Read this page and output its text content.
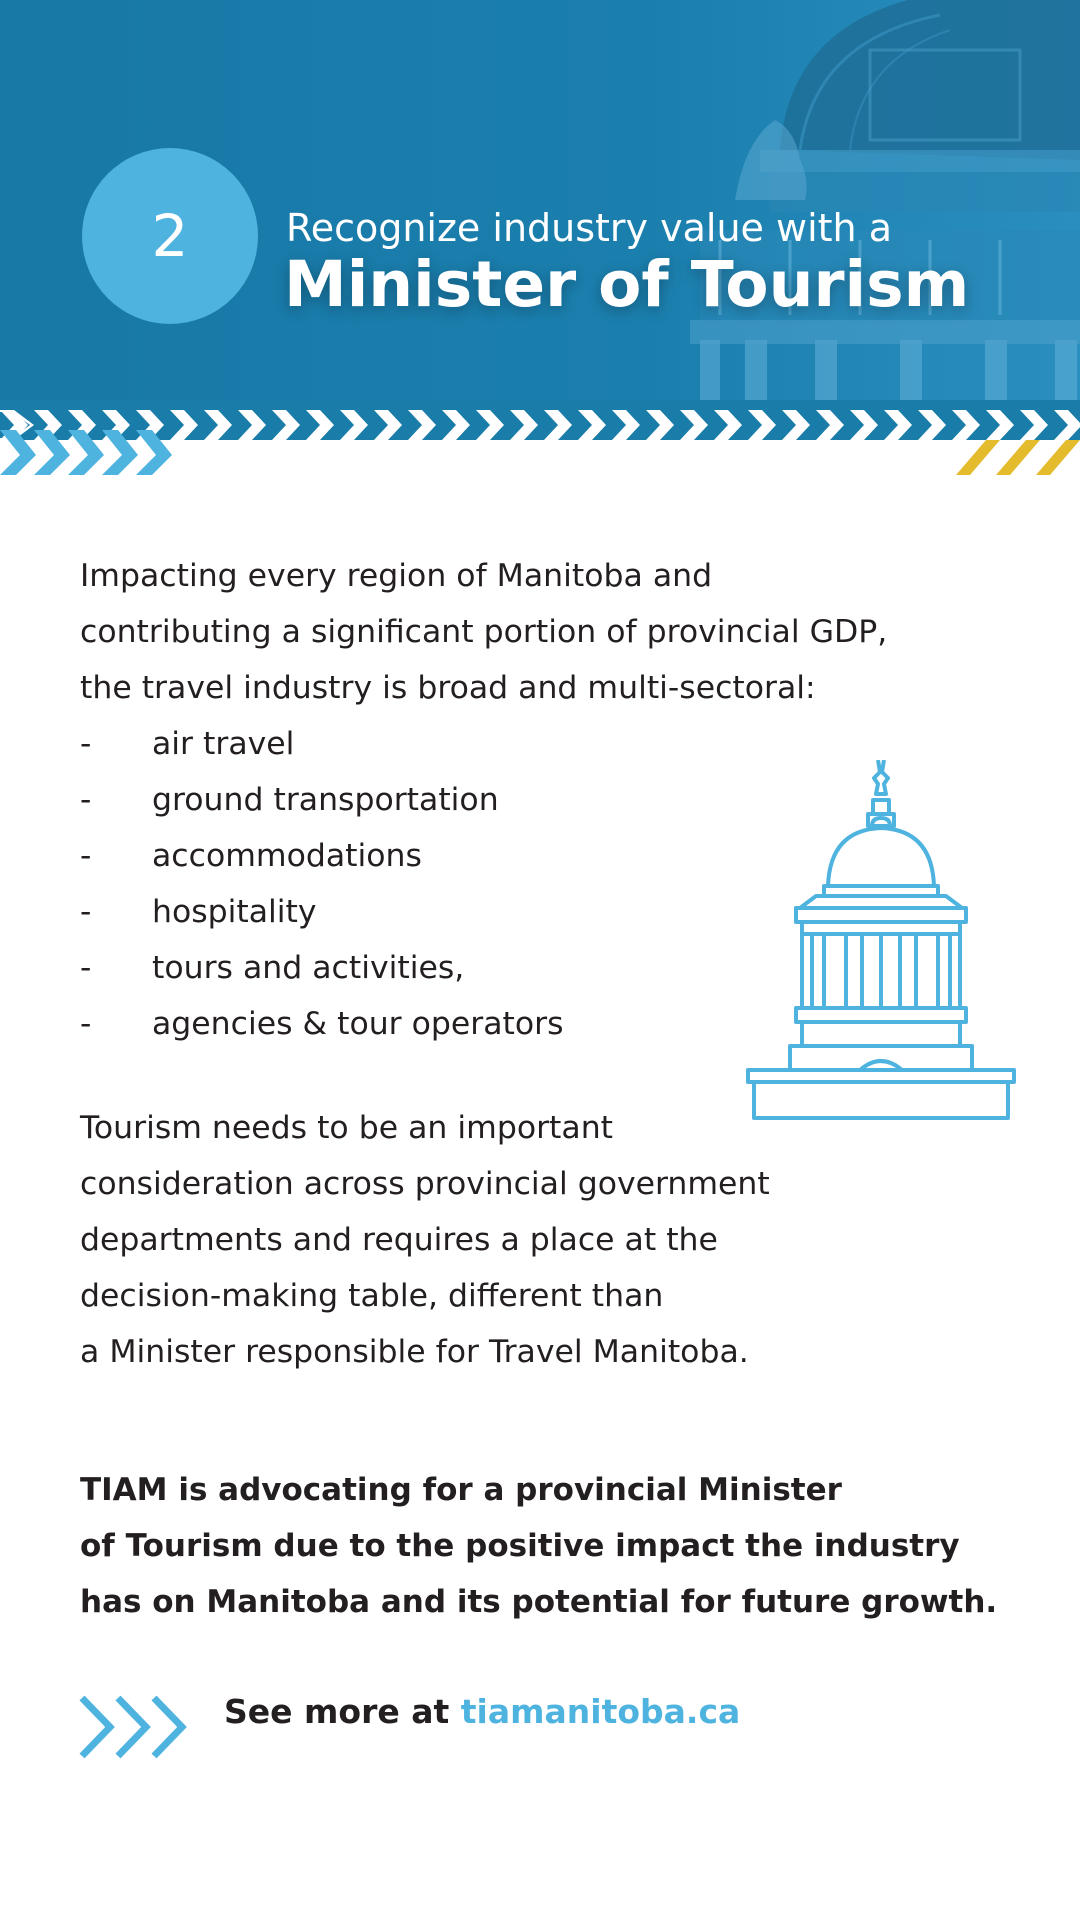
2	Recognize industry value with a
Minister of Tourism

Impacting every region of Manitoba and
contributing a significant portion of provincial GDP,
the travel industry is broad and multi-sectoral:

- air travel
- ground transportation
- accommodations
- hospitality
- tours and activities,
- agencies & tour operators

Tourism needs to be an important
consideration across provincial government
departments and requires a place at the
decision-making table, different than
a Minister responsible for Travel Manitoba.

TIAM is advocating for a provincial Minister
of Tourism due to the positive impact the industry
has on Manitoba and its potential for future growth.

See more at tiamanitoba.ca
